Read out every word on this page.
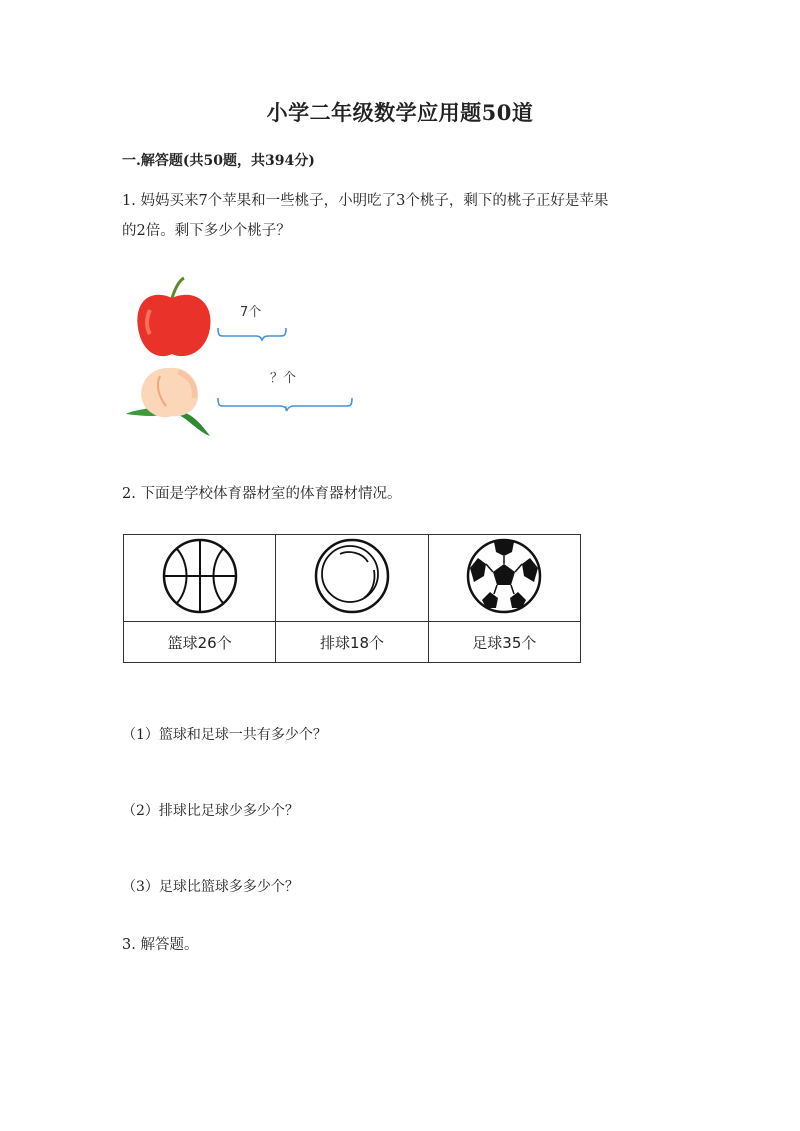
小学二年级数学应用题50道
一.解答题(共50题，共394分)
1. 妈妈买来7个苹果和一些桃子，小明吃了3个桃子，剩下的桃子正好是苹果
的2倍。剩下多少个桃子？
7个
？个
2. 下面是学校体育器材室的体育器材情况。

篮球26个	排球18个	足球35个
（1）篮球和足球一共有多少个？
（2）排球比足球少多少个？
（3）足球比篮球多多少个？
3. 解答题。
